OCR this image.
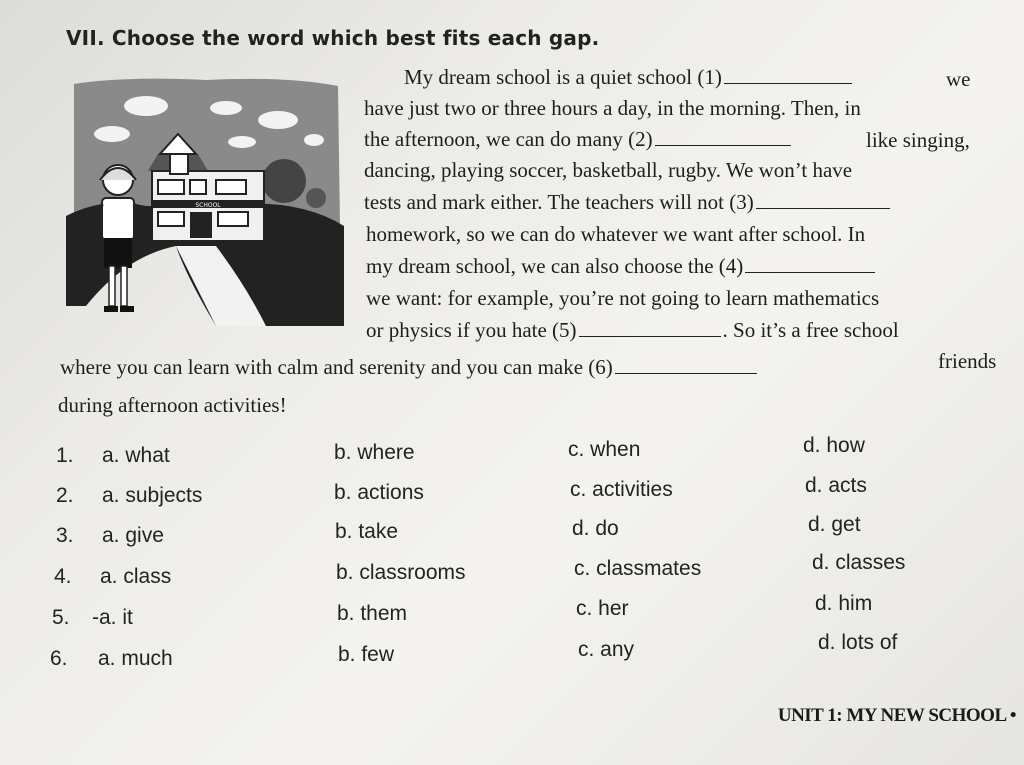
VII. Choose the word which best fits each gap.
SCHOOL
My dream school is a quiet school (1)	we
have just two or three hours a day, in the morning. Then, in
the afternoon, we can do many (2)	like singing,
dancing, playing soccer, basketball, rugby. We won’t have
tests and mark either. The teachers will not (3)
homework, so we can do whatever we want after school. In
my dream school, we can also choose the (4)
we want: for example, you’re not going to learn mathematics
or physics if you hate (5)	. So it’s a free school
where you can learn with calm and serenity and you can make (6)	friends
during afternoon activities!
1. a. what	b. where	c. when	d. how
2. a. subjects	b. actions	c. activities	d. acts
3. a. give	b. take	d. do	d. get
4. a. class	b. classrooms	c. classmates	d. classes
5. -a. it	b. them	c. her	d. him
6. a. much	b. few	c. any	d. lots of
UNIT 1: MY NEW SCHOOL •
